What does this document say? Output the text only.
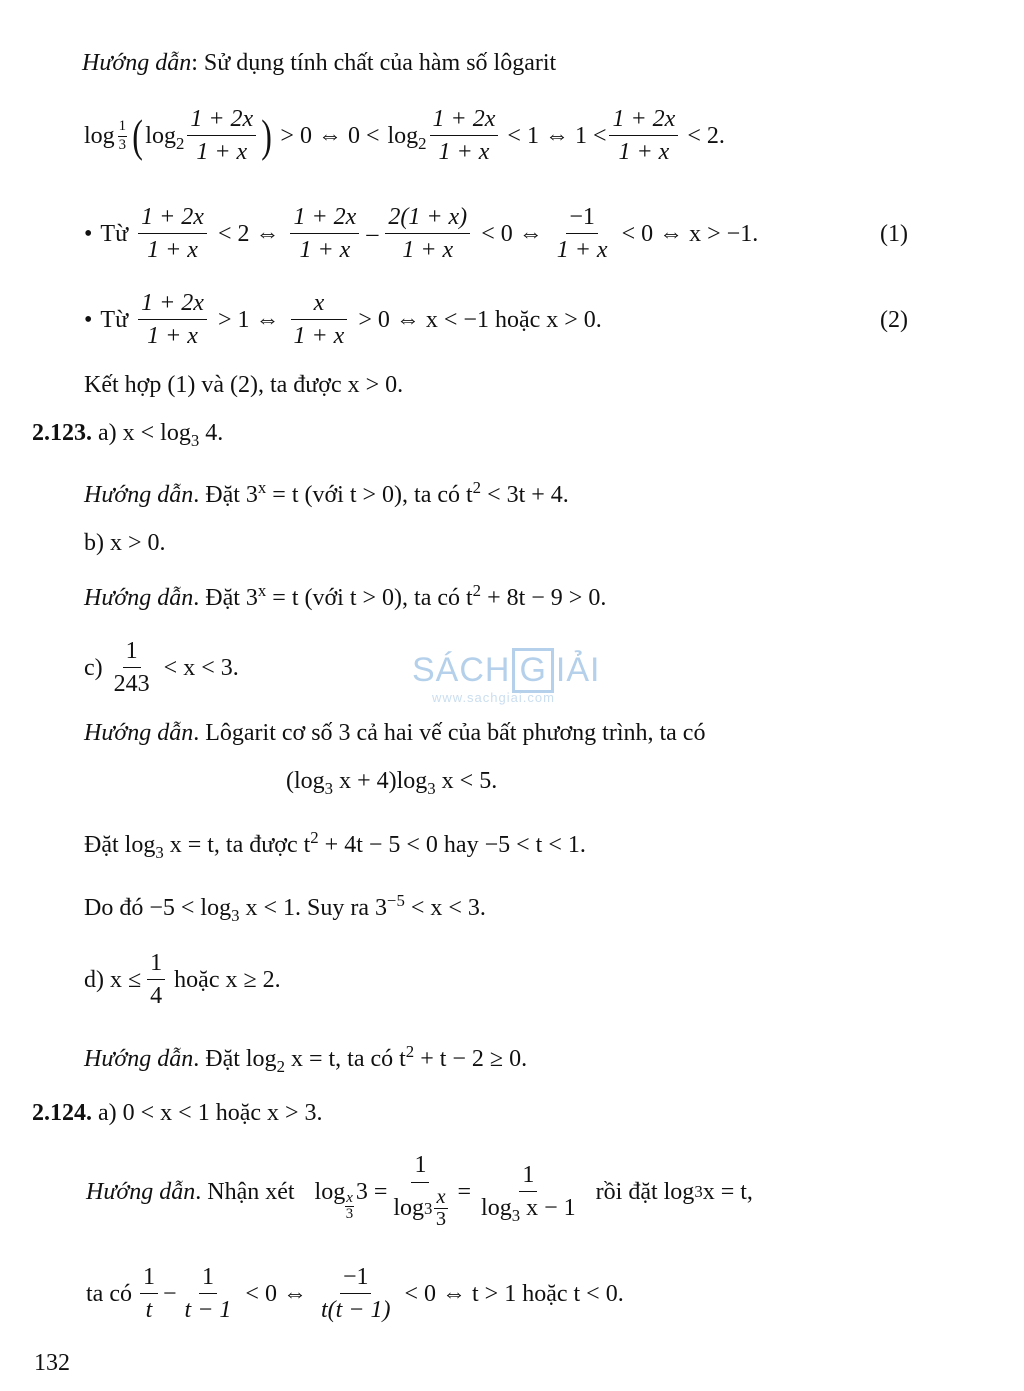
Hướng dẫn: Sử dụng tính chất của hàm số lôgarit
$\log \frac{1}{3}$ ( $\log_2 \frac{1 + 2x}{1 + x}$ ) > 0 ⇔ $0 < \log_2 \frac{1 + 2x}{1 + x} < 1$ ⇔ $1 < \frac{1 + 2x}{1 + x} < 2$.
• Từ $\frac{1 + 2x}{1 + x} < 2$ ⇔ $\frac{1 + 2x}{1 + x} - \frac{2(1 + x)}{1 + x} < 0$ ⇔ $\frac{-1}{1 + x} < 0$ ⇔ x > −1.	(1)
• Từ $\frac{1 + 2x}{1 + x} > 1$ ⇔ $\frac{x}{1 + x} > 0$ ⇔ x < −1 hoặc x > 0.	(2)
Kết hợp (1) và (2), ta được x > 0.
2.123. a) $x < \log_3 4$.
Hướng dẫn. Đặt $3^x = t$ (với t > 0), ta có $t^2 < 3t + 4$.
b) x > 0.
Hướng dẫn. Đặt $3^x = t$ (với t > 0), ta có $t^2 + 8t - 9 > 0$.
$c) \frac{1}{243} < x < 3$.
Hướng dẫn. Lôgarit cơ số 3 cả hai vế của bất phương trình, ta có
($\log_3$ $x + 4)\log_3$ x < 5.
Đặt $\log_3 x = t$, ta được $t^2 + 4t - 5 < 0$ hay −5 < t < 1.
Do đó $-5 < \log_3 x < 1$. Suy ra $3^{-5} < x < 3$.
d) $x \le \frac{1}{4}$ hoặc x ≥ 2.
Hướng dẫn. Đặt $\log_2 x = t$, ta có $t^2 + t - 2 \ge 0$.
2.124. a) 0 < x < 1 hoặc x > 3.
Hướng dẫn . Nhận xét log x
3
3 = 1
log 3
x
$3 = \frac{1}{\log_3 x - 1}$ rồi đặt log 3 x = t,
ta có $\frac{1}{t} - \frac{1}{t - 1} < 0$ ⇔ $\frac{-1}{t(t - 1)} < 0$ ⇔ t > 1 hoặc t < 0.
132
SÁCH G IẢI
www.sachgiai.com
